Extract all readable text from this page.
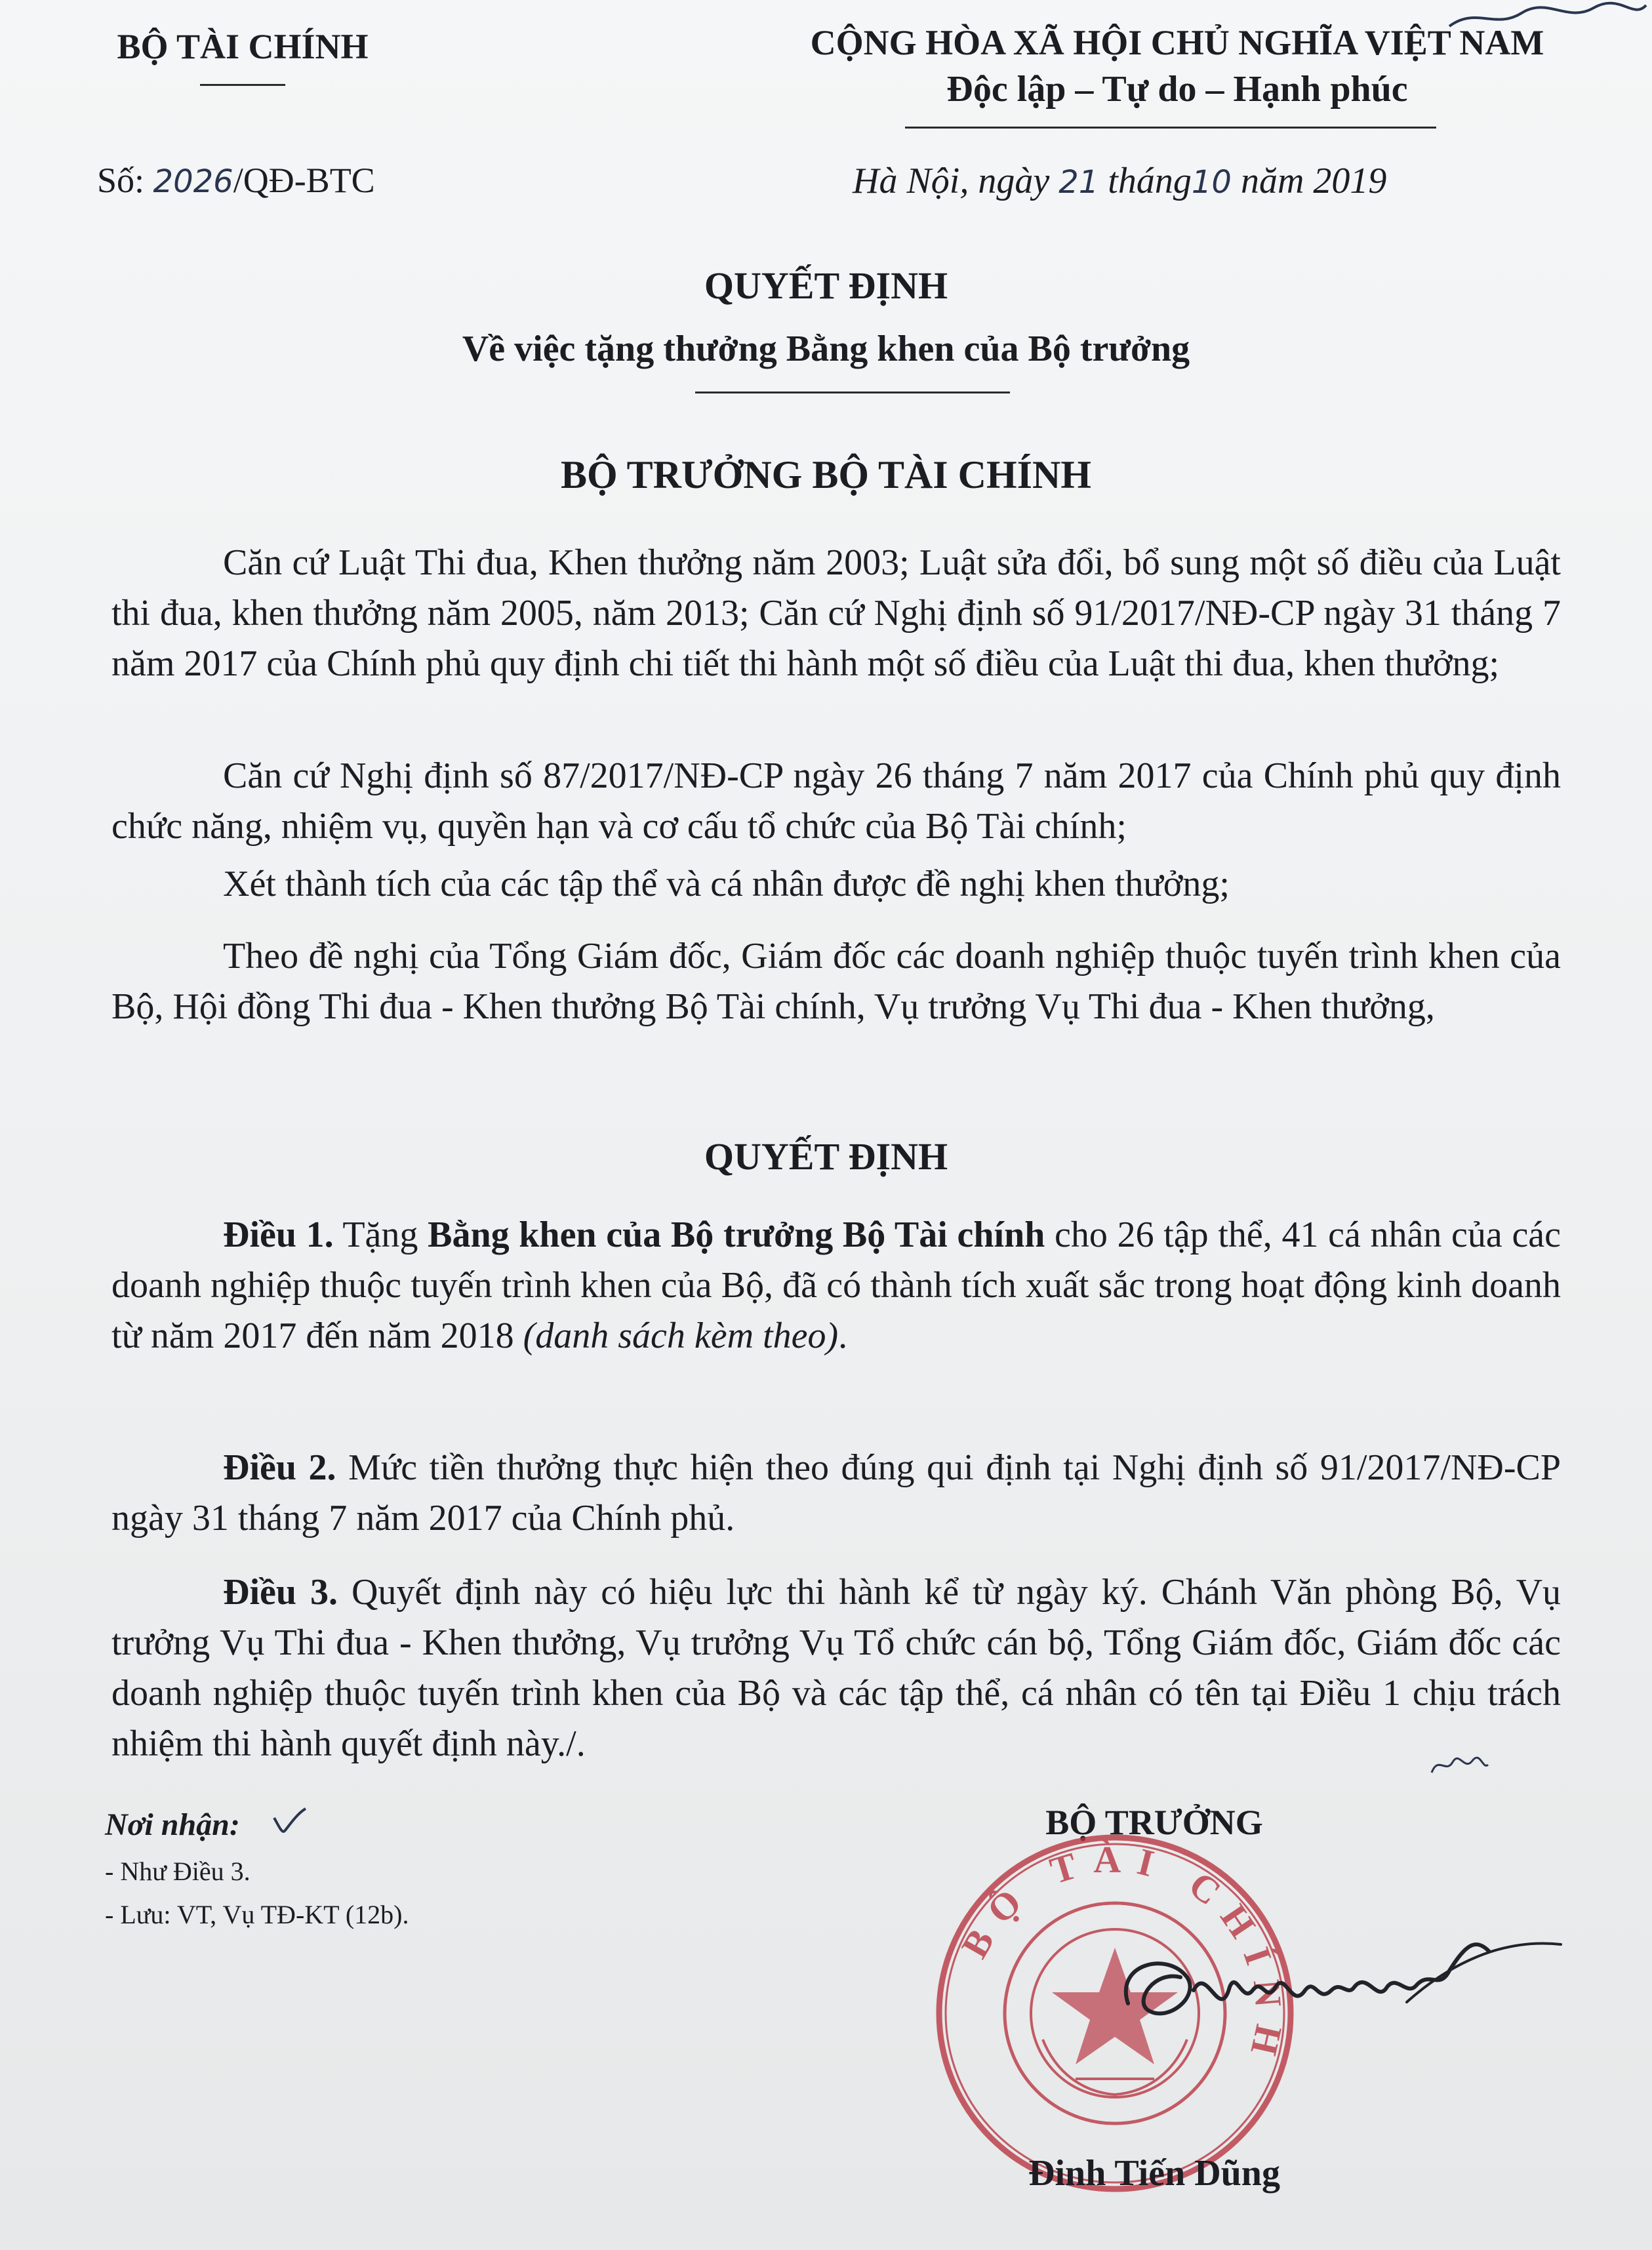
BỘ TÀI CHÍNH	CỘNG HÒA XÃ HỘI CHỦ NGHĨA VIỆT NAM
Độc lập – Tự do – Hạnh phúc
Số: 2026/QĐ-BTC	Hà Nội, ngày 21 tháng10 năm 2019
QUYẾT ĐỊNH
Về việc tặng thưởng Bằng khen của Bộ trưởng
BỘ TRƯỞNG BỘ TÀI CHÍNH
Căn cứ Luật Thi đua, Khen thưởng năm 2003; Luật sửa đổi, bổ sung một số điều của Luật thi đua, khen thưởng năm 2005, năm 2013; Căn cứ Nghị định số 91/2017/NĐ-CP ngày 31 tháng 7 năm 2017 của Chính phủ quy định chi tiết thi hành một số điều của Luật thi đua, khen thưởng;
Căn cứ Nghị định số 87/2017/NĐ-CP ngày 26 tháng 7 năm 2017 của Chính phủ quy định chức năng, nhiệm vụ, quyền hạn và cơ cấu tổ chức của Bộ Tài chính;
Xét thành tích của các tập thể và cá nhân được đề nghị khen thưởng;
Theo đề nghị của Tổng Giám đốc, Giám đốc các doanh nghiệp thuộc tuyến trình khen của Bộ, Hội đồng Thi đua - Khen thưởng Bộ Tài chính, Vụ trưởng Vụ Thi đua - Khen thưởng,
QUYẾT ĐỊNH
Điều 1. Tặng Bằng khen của Bộ trưởng Bộ Tài chính cho 26 tập thể, 41 cá nhân của các doanh nghiệp thuộc tuyến trình khen của Bộ, đã có thành tích xuất sắc trong hoạt động kinh doanh từ năm 2017 đến năm 2018 (danh sách kèm theo).
Điều 2. Mức tiền thưởng thực hiện theo đúng qui định tại Nghị định số 91/2017/NĐ-CP ngày 31 tháng 7 năm 2017 của Chính phủ.
Điều 3. Quyết định này có hiệu lực thi hành kể từ ngày ký. Chánh Văn phòng Bộ, Vụ trưởng Vụ Thi đua - Khen thưởng, Vụ trưởng Vụ Tổ chức cán bộ, Tổng Giám đốc, Giám đốc các doanh nghiệp thuộc tuyến trình khen của Bộ và các tập thể, cá nhân có tên tại Điều 1 chịu trách nhiệm thi hành quyết định này./.
Nơi nhận:
- Như Điều 3.
- Lưu: VT, Vụ TĐ-KT (12b).
BỘ TRƯỞNG
BỘ TÀI CHÍNH
Đinh Tiến Dũng
